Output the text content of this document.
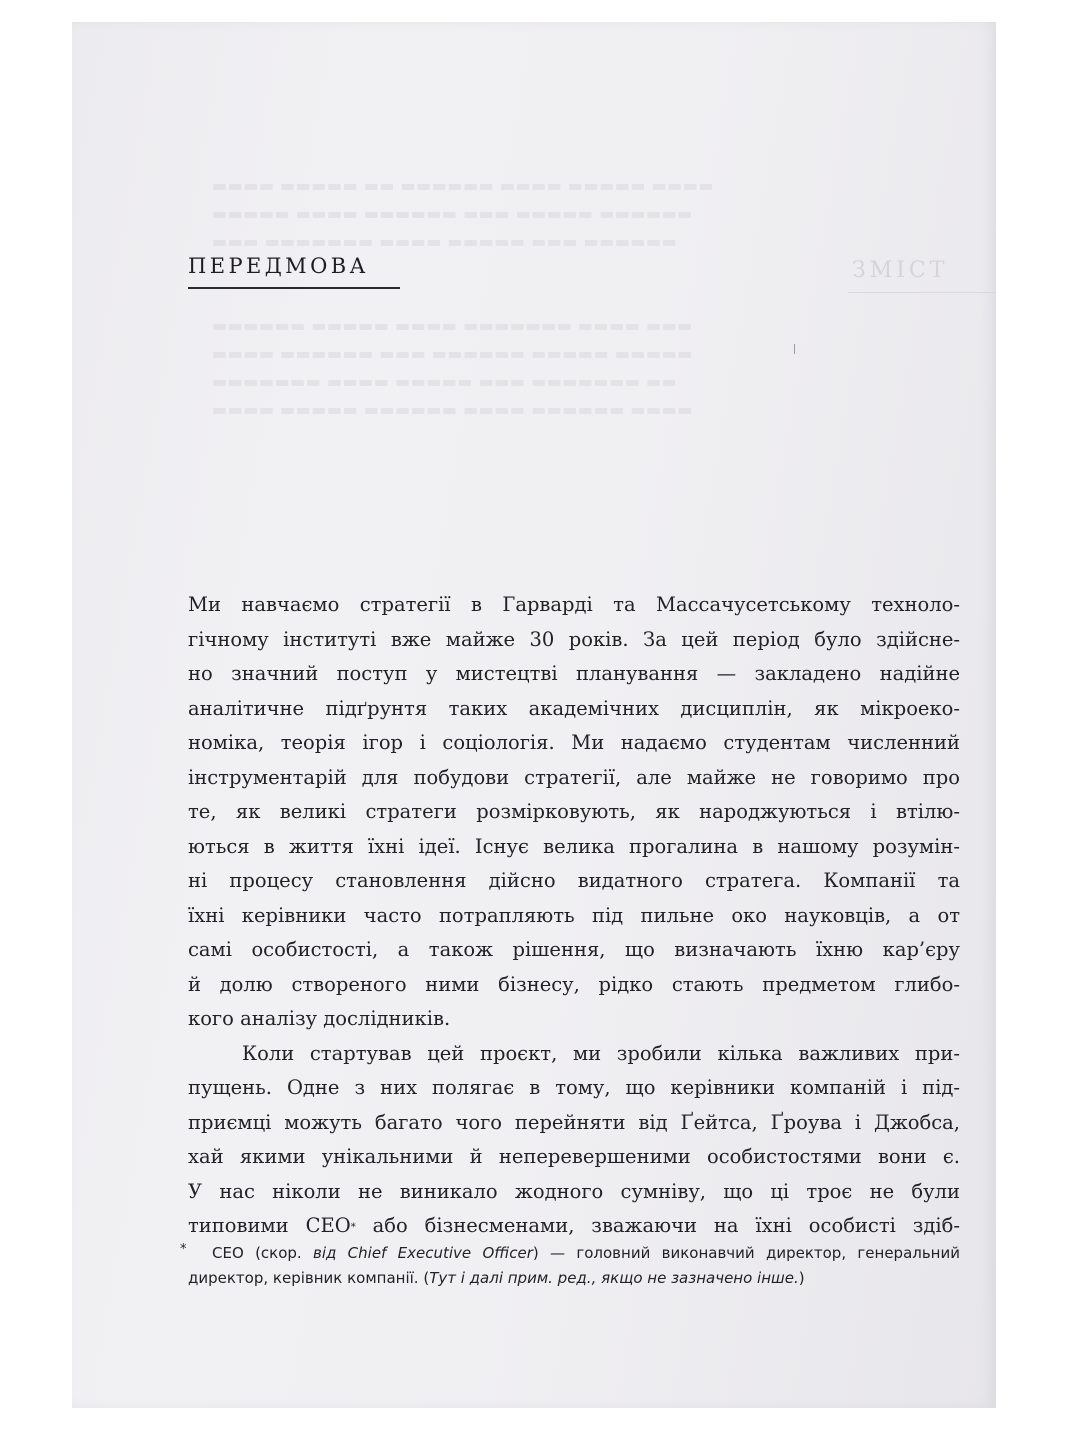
ЗМІСТ
▬▬▬▬ ▬▬▬▬▬ ▬▬ ▬▬▬▬▬▬ ▬▬▬▬ ▬▬▬▬▬ ▬▬▬▬
▬▬▬▬▬ ▬▬▬▬ ▬▬▬▬▬▬ ▬▬▬ ▬▬▬▬▬ ▬▬▬▬▬▬
▬▬▬ ▬▬▬▬▬▬▬ ▬▬▬▬ ▬▬▬▬▬ ▬▬▬ ▬▬▬▬▬▬

▬▬▬▬▬▬ ▬▬▬▬▬ ▬▬▬▬ ▬▬▬▬▬▬▬ ▬▬▬▬ ▬▬▬
▬▬▬▬ ▬▬▬▬▬▬ ▬▬▬ ▬▬▬▬▬▬ ▬▬▬▬▬ ▬▬▬▬▬
▬▬▬▬▬▬▬ ▬▬▬▬ ▬▬▬▬▬ ▬▬▬ ▬▬▬▬▬▬▬ ▬▬
▬▬▬▬ ▬▬▬▬▬ ▬▬▬▬▬▬ ▬▬▬▬ ▬▬▬▬▬▬ ▬▬▬▬
ПЕРЕДМОВА
Ми навчаємо стратегії в Гарварді та Массачусетському техноло-
гічному інституті вже майже 30 років. За цей період було здійсне-
но значний поступ у мистецтві планування — закладено надійне
аналітичне підґрунтя таких академічних дисциплін, як мікроеко-
номіка, теорія ігор і соціологія. Ми надаємо студентам численний
інструментарій для побудови стратегії, але майже не говоримо про
те, як великі стратеги розмірковують, як народжуються і втілю-
ються в життя їхні ідеї. Існує велика прогалина в нашому розумін-
ні процесу становлення дійсно видатного стратега. Компанії та
їхні керівники часто потрапляють під пильне око науковців, а от
самі особистості, а також рішення, що визначають їхню кар’єру
й долю створеного ними бізнесу, рідко стають предметом глибо-
кого аналізу дослідників.
Коли стартував цей проєкт, ми зробили кілька важливих при-
пущень. Одне з них полягає в тому, що керівники компаній і під-
приємці можуть багато чого перейняти від Ґейтса, Ґроува і Джобса,
хай якими унікальними й неперевершеними особистостями вони є.
У нас ніколи не виникало жодного сумніву, що ці троє не були
типовими CEO* або бізнесменами, зважаючи на їхні особисті здіб-
*	CEO (скор. від Chief Executive Officer) — головний виконавчий директор, генеральний
директор, керівник компанії. (Тут і далі прим. ред., якщо не зазначено інше.)
